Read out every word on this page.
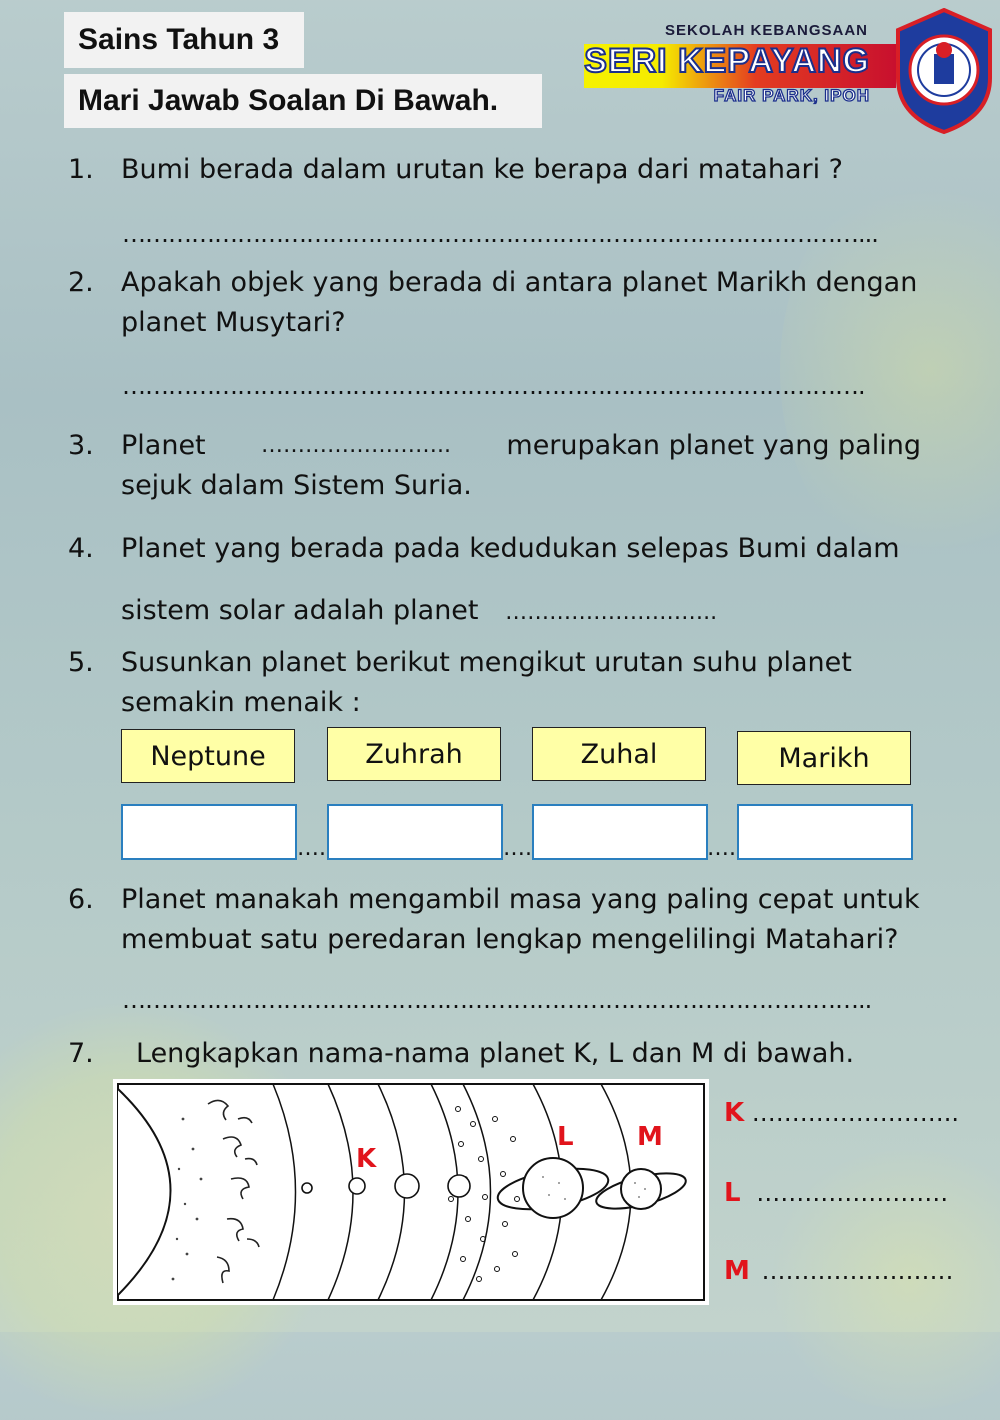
Sains Tahun 3
Mari Jawab Soalan Di Bawah.
SEKOLAH KEBANGSAAN
SERI KEPAYANG
FAIR PARK, IPOH
1. Bumi berada dalam urutan ke berapa dari matahari ?
……………………………………………………………………………………...
2. Apakah objek yang berada di antara planet Marikh dengan planet Musytari?
…………………………………………………………………………………….
3. Planet	…………………….. merupakan planet yang paling
sejuk dalam Sistem Suria.
4. Planet yang berada pada kedudukan selepas Bumi dalam
sistem solar adalah planet ………………………..
5. Susunkan planet berikut mengikut urutan suhu planet semakin menaik :
Neptune	Zuhrah	Zuhal	Marikh
….	….	….
6. Planet manakah mengambil masa yang paling cepat untuk membuat satu peredaran lengkap mengelilingi Matahari?
……………………………………………………………………………………..
7. Lengkapkan nama-nama planet K, L dan M di bawah.
K
L M
K ……………………..
L ……………………
M ……………………
